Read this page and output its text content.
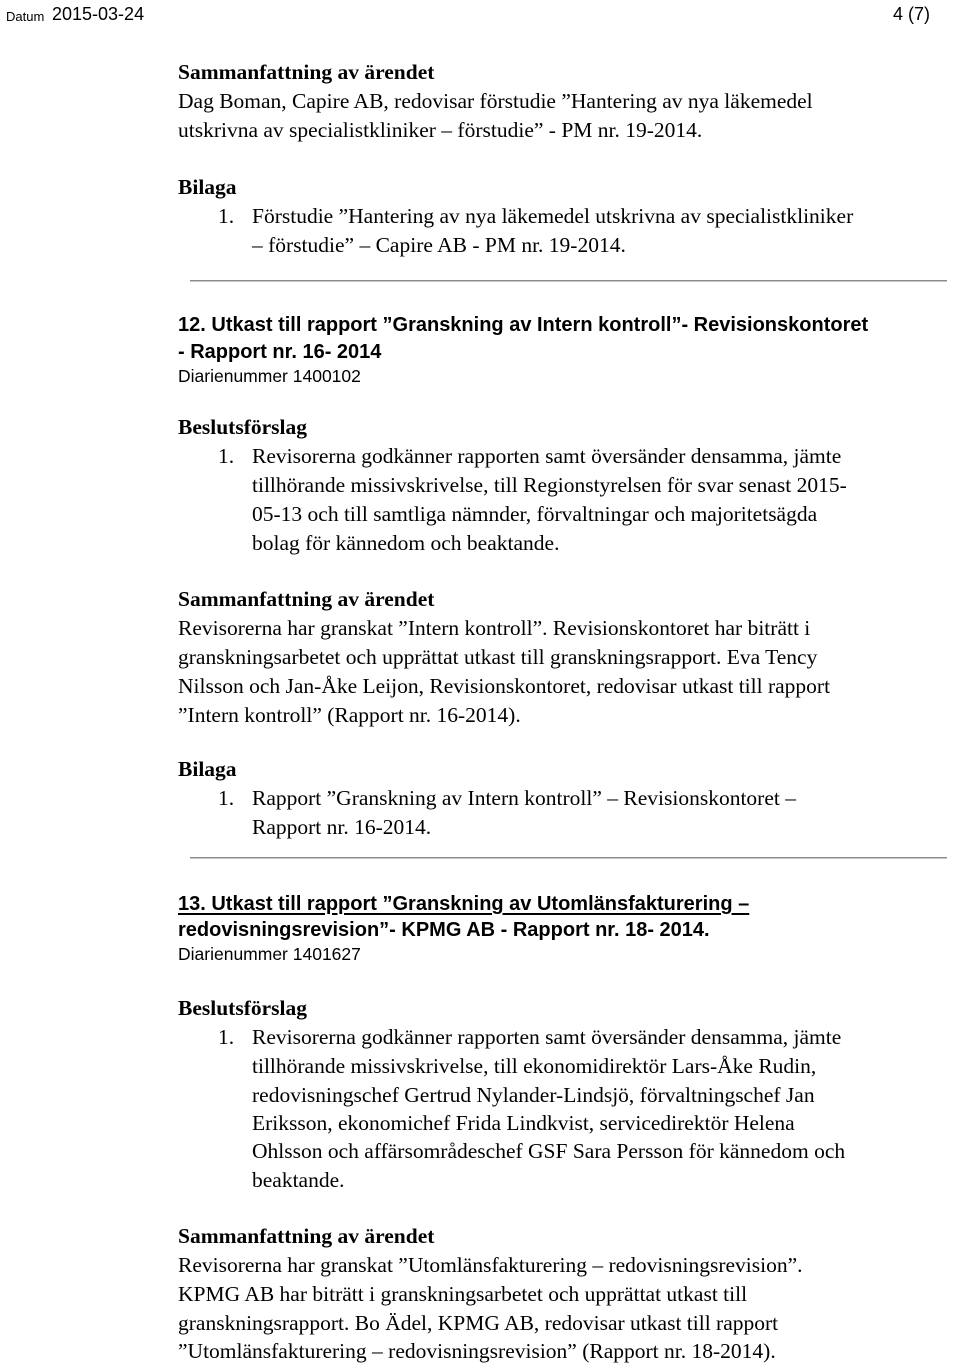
Datum 2015-03-24	4 (7)
Sammanfattning av ärendet
Dag Boman, Capire AB, redovisar förstudie ”Hantering av nya läkemedel
utskrivna av specialistkliniker – förstudie” - PM nr. 19-2014.
Bilaga
1. Förstudie ”Hantering av nya läkemedel utskrivna av specialistkliniker
– förstudie” – Capire AB - PM nr. 19-2014.
12. Utkast till rapport ”Granskning av Intern kontroll”- Revisionskontoret
- Rapport nr. 16- 2014
Diarienummer 1400102
Beslutsförslag
1. Revisorerna godkänner rapporten samt översänder densamma, jämte
tillhörande missivskrivelse, till Regionstyrelsen för svar senast 2015-
05-13 och till samtliga nämnder, förvaltningar och majoritetsägda
bolag för kännedom och beaktande.
Sammanfattning av ärendet
Revisorerna har granskat ”Intern kontroll”. Revisionskontoret har biträtt i
granskningsarbetet och upprättat utkast till granskningsrapport. Eva Tency
Nilsson och Jan-Åke Leijon, Revisionskontoret, redovisar utkast till rapport
”Intern kontroll” (Rapport nr. 16-2014).
Bilaga
1. Rapport ”Granskning av Intern kontroll” – Revisionskontoret –
Rapport nr. 16-2014.
13. Utkast till rapport ”Granskning av Utomlänsfakturering –
redovisningsrevision”- KPMG AB - Rapport nr. 18- 2014.
Diarienummer 1401627
Beslutsförslag
1. Revisorerna godkänner rapporten samt översänder densamma, jämte
tillhörande missivskrivelse, till ekonomidirektör Lars-Åke Rudin,
redovisningschef Gertrud Nylander-Lindsjö, förvaltningschef Jan
Eriksson, ekonomichef Frida Lindkvist, servicedirektör Helena
Ohlsson och affärsområdeschef GSF Sara Persson för kännedom och
beaktande.
Sammanfattning av ärendet
Revisorerna har granskat ”Utomlänsfakturering – redovisningsrevision”.
KPMG AB har biträtt i granskningsarbetet och upprättat utkast till
granskningsrapport. Bo Ädel, KPMG AB, redovisar utkast till rapport
”Utomlänsfakturering – redovisningsrevision” (Rapport nr. 18-2014).
